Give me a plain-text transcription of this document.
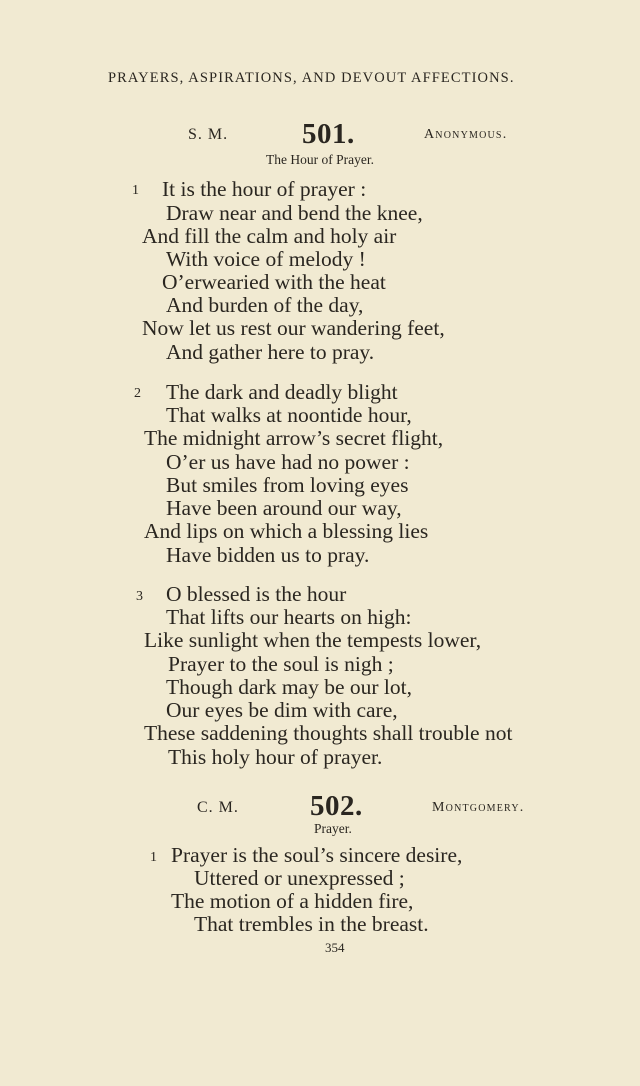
PRAYERS, ASPIRATIONS, AND DEVOUT AFFECTIONS.
S. M.	501.	Anonymous.
The Hour of Prayer.
1 It is the hour of prayer :
Draw near and bend the knee,
And fill the calm and holy air
With voice of melody !
O’erwearied with the heat
And burden of the day,
Now let us rest our wandering feet,
And gather here to pray.
2 The dark and deadly blight
That walks at noontide hour,
The midnight arrow’s secret flight,
O’er us have had no power :
But smiles from loving eyes
Have been around our way,
And lips on which a blessing lies
Have bidden us to pray.
3 O blessed is the hour
That lifts our hearts on high:
Like sunlight when the tempests lower,
Prayer to the soul is nigh ;
Though dark may be our lot,
Our eyes be dim with care,
These saddening thoughts shall trouble not
This holy hour of prayer.
C. M. 502.	Montgomery.
Prayer.
1 Prayer is the soul’s sincere desire,
Uttered or unexpressed ;
The motion of a hidden fire,
That trembles in the breast.
354
